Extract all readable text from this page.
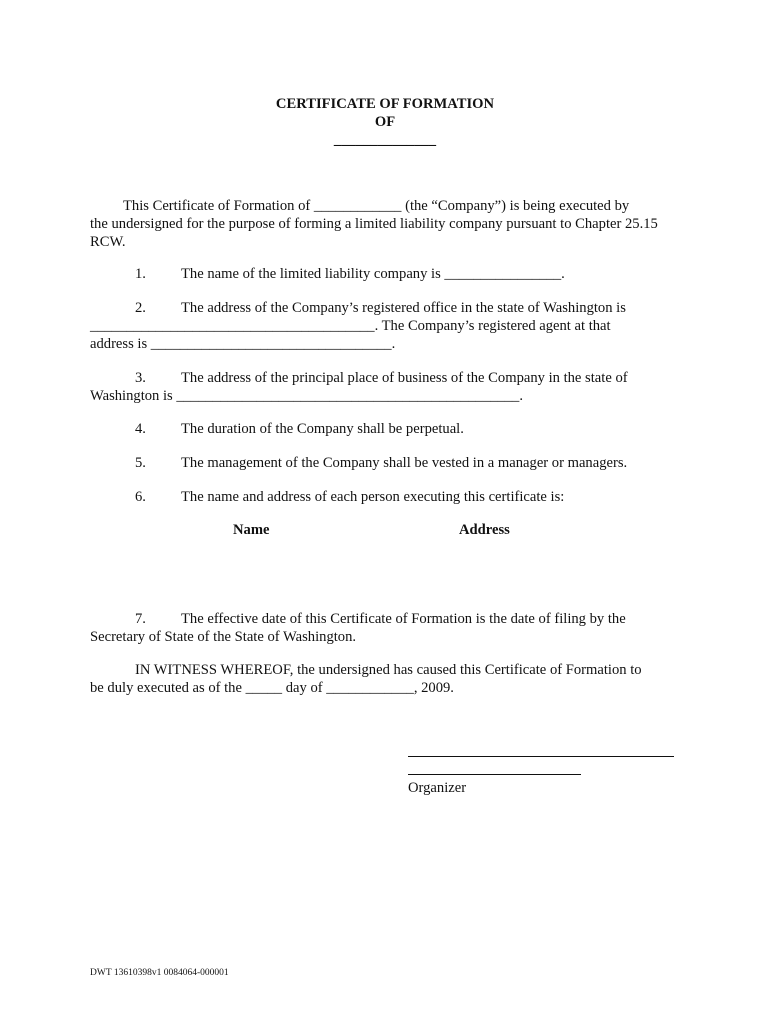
CERTIFICATE OF FORMATION
OF
______________
This Certificate of Formation of ____________ (the “Company”) is being executed by
the undersigned for the purpose of forming a limited liability company pursuant to Chapter 25.15
RCW.
1. The name of the limited liability company is ________________.
2. The address of the Company’s registered office in the state of Washington is
_______________________________________. The Company’s registered agent at that
address is _________________________________.
3. The address of the principal place of business of the Company in the state of
Washington is _______________________________________________.
4. The duration of the Company shall be perpetual.
5. The management of the Company shall be vested in a manager or managers.
6. The name and address of each person executing this certificate is:
Name	Address
7. The effective date of this Certificate of Formation is the date of filing by the
Secretary of State of the State of Washington.
IN WITNESS WHEREOF, the undersigned has caused this Certificate of Formation to
be duly executed as of the _____ day of ____________, 2009.
Organizer
DWT 13610398v1 0084064-000001
